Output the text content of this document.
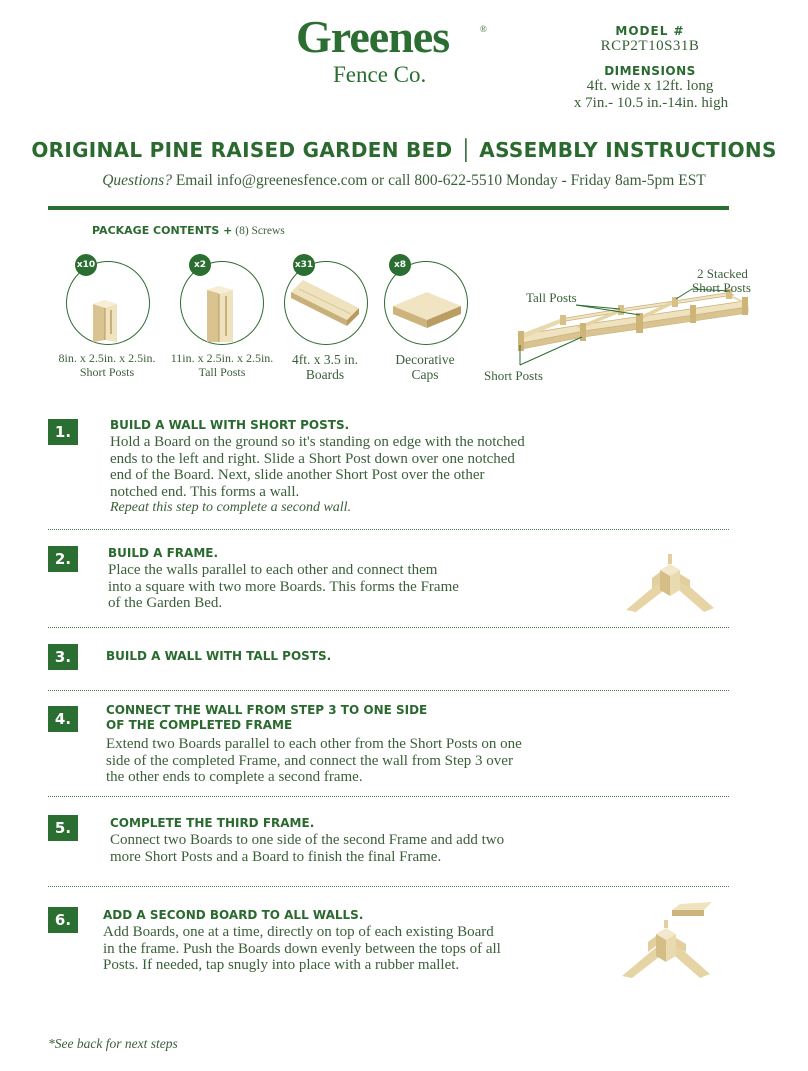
Greenes	®
Fence Co.
MODEL #
RCP2T10S31B
DIMENSIONS
4ft. wide x 12ft. long
x 7in.- 10.5 in.-14in. high
ORIGINAL PINE RAISED GARDEN BED │ ASSEMBLY INSTRUCTIONS
Questions? Email info@greenesfence.com or call 800-622-5510 Monday - Friday 8am-5pm EST
PACKAGE CONTENTS + (8) Screws
x10
8in. x 2.5in. x 2.5in.
Short Posts
x2
11in. x 2.5in. x 2.5in.
Tall Posts
x31
4ft. x 3.5 in.
Boards
x8
Decorative
Caps
2 Stacked
Short Posts
Tall Posts
Short Posts
1.	BUILD A WALL WITH SHORT POSTS.
Hold a Board on the ground so it's standing on edge with the notched
ends to the left and right. Slide a Short Post down over one notched
end of the Board. Next, slide another Short Post over the other
notched end. This forms a wall.
Repeat this step to complete a second wall.
2.	BUILD A FRAME.
Place the walls parallel to each other and connect them
into a square with two more Boards. This forms the Frame
of the Garden Bed.
3.	BUILD A WALL WITH TALL POSTS.
4.	CONNECT THE WALL FROM STEP 3 TO ONE SIDE
OF THE COMPLETED FRAME
Extend two Boards parallel to each other from the Short Posts on one
side of the completed Frame, and connect the wall from Step 3 over
the other ends to complete a second frame.
5.	COMPLETE THE THIRD FRAME.
Connect two Boards to one side of the second Frame and add two
more Short Posts and a Board to finish the final Frame.
6.	ADD A SECOND BOARD TO ALL WALLS.
Add Boards, one at a time, directly on top of each existing Board
in the frame. Push the Boards down evenly between the tops of all
Posts. If needed, tap snugly into place with a rubber mallet.
*See back for next steps
